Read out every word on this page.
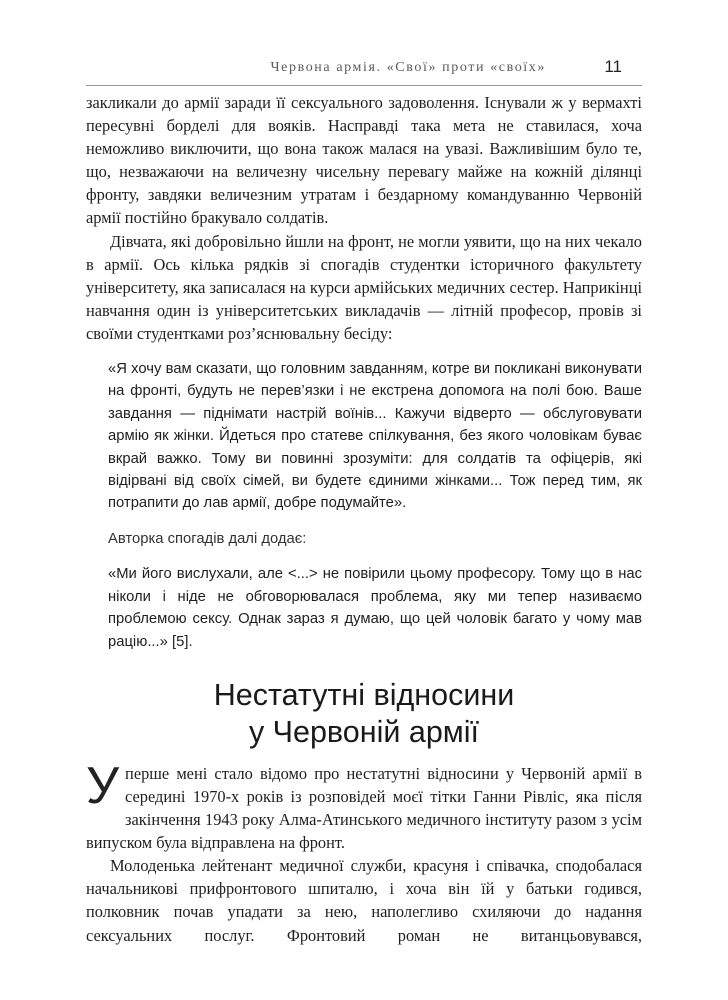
Червона армія. «Свої» проти «своїх»	11

закликали до армії заради її сексуального задоволення. Існували ж у вермахті пересувні борделі для вояків. Насправді така мета не ставилася, хоча неможливо виключити, що вона також малася на увазі. Важливішим було те, що, незважаючи на величезну чисельну перевагу майже на кожній ділянці фронту, завдяки величезним утратам і бездарному командуванню Червоній армії постійно бракувало солдатів.

Дівчата, які добровільно йшли на фронт, не могли уявити, що на них чекало в армії. Ось кілька рядків зі спогадів студентки історичного факультету університету, яка записалася на курси армійських медичних сестер. Наприкінці навчання один із університетських викладачів — літній професор, провів зі своїми студентками роз’яснювальну бесіду:

«Я хочу вам сказати, що головним завданням, котре ви покликані виконувати на фронті, будуть не перев’язки і не екстрена допомога на полі бою. Ваше завдання — піднімати настрій воїнів... Кажучи відверто — обслуговувати армію як жінки. Йдеться про статеве спілкування, без якого чоловікам буває вкрай важко. Тому ви повинні зрозуміти: для солдатів та офіцерів, які відірвані від своїх сімей, ви будете єдиними жінками... Тож перед тим, як потрапити до лав армії, добре подумайте».

Авторка спогадів далі додає:

«Ми його вислухали, але <...> не повірили цьому професору. Тому що в нас ніколи і ніде не обговорювалася проблема, яку ми тепер називаємо проблемою сексу. Однак зараз я думаю, що цей чоловік багато у чому мав рацію...» [5].

Нестатутні відносини
у Червоній армії

Уперше мені стало відомо про нестатутні відносини у Червоній армії в середині 1970-х років із розповідей моєї тітки Ганни Рівліс, яка після закінчення 1943 року Алма-Атинського медичного інституту разом з усім випуском була відправлена на фронт.

Молоденька лейтенант медичної служби, красуня і співачка, сподобалася начальникові прифронтового шпиталю, і хоча він їй у батьки годився, полковник почав упадати за нею, наполегливо схиляючи до надання сексуальних послуг. Фронтовий роман не витанцьовувався,
